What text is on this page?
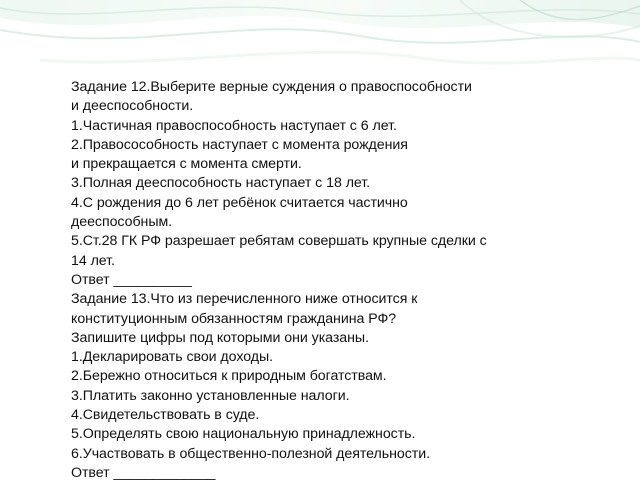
Задание 12.Выберите верные суждения о правоспособности
и дееспособности.
1.Частичная правоспособность наступает с 6 лет.
2.Правосособность наступает с момента рождения
и прекращается с момента смерти.
3.Полная дееспособность наступает с 18 лет.
4.С рождения до 6 лет ребёнок считается частично
дееспособным.
5.Ст.28 ГК РФ разрешает ребятам совершать крупные сделки с
14 лет.
Ответ __________
Задание 13.Что из перечисленного ниже относится к
конституционным обязанностям гражданина РФ?
Запишите цифры под которыми они указаны.
1.Декларировать свои доходы.
2.Бережно относиться к природным богатствам.
3.Платить законно установленные налоги.
4.Свидетельствовать в суде.
5.Определять свою национальную принадлежность.
6.Участвовать в общественно-полезной деятельности.
Ответ _____________
